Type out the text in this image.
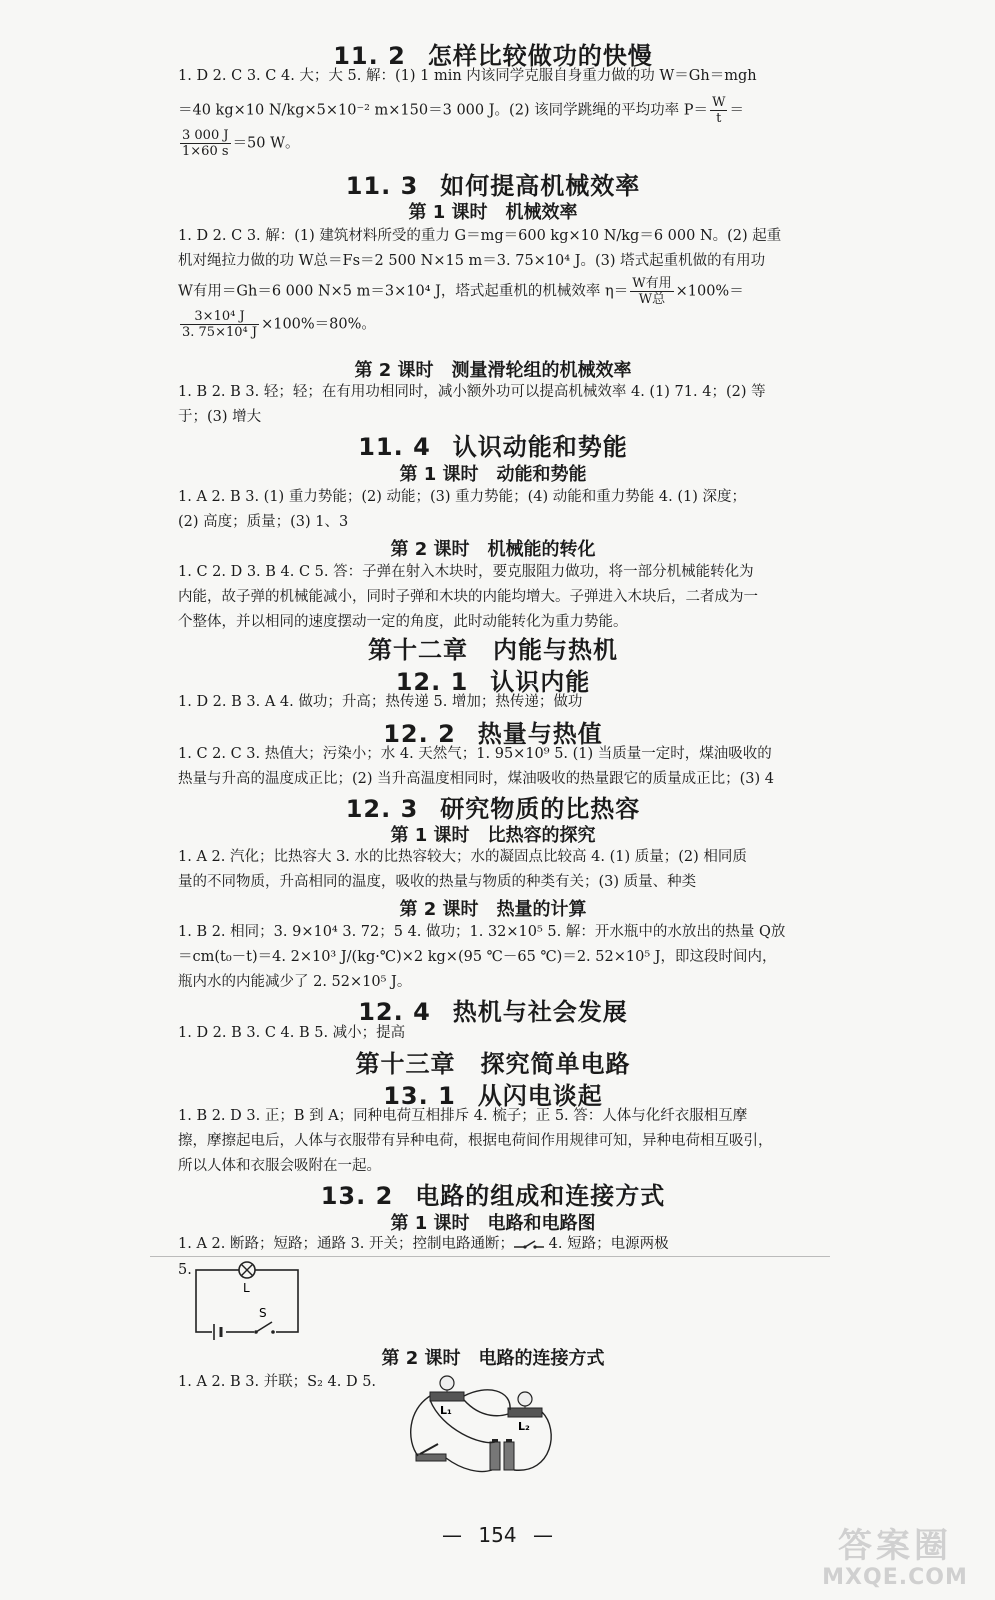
11. 2 怎样比较做功的快慢

1. D 2. C 3. C 4. 大；大 5. 解：(1) 1 min 内该同学克服自身重力做的功 W＝Gh＝mgh

＝40 kg×10 N/kg×5×10⁻² m×150＝3 000 J。(2) 该同学跳绳的平均功率 $P= \frac{W}{t}$ ＝

$\frac{3 000 J}{1\times 60 s} =50$ W。

11. 3 如何提高机械效率
第 1 课时　机械效率

1. D 2. C 3. 解：(1) 建筑材料所受的重力 G＝mg＝600 kg×10 N/kg＝6 000 N。(2) 起重

机对绳拉力做的功 W总＝Fs＝2 500 N×15 m＝3. 75×10⁴ J。(3) 塔式起重机做的有用功

W有用＝Gh＝6 000 N×5 m＝3×10⁴ J，塔式起重机的机械效率 $\eta= \frac{\text{W有用}}{\text{W总}} \times 100\%=$

$\frac{\text{3×10⁴ J}}{\text{3. 75×10⁴ J}} \times 100\%=80\%$。

第 2 课时　测量滑轮组的机械效率

1. B 2. B 3. 轻；轻；在有用功相同时，减小额外功可以提高机械效率 4. (1) 71. 4；(2) 等

于；(3) 增大

11. 4 认识动能和势能
第 1 课时　动能和势能

1. A 2. B 3. (1) 重力势能；(2) 动能；(3) 重力势能；(4) 动能和重力势能 4. (1) 深度；

(2) 高度；质量；(3) 1、3

第 2 课时　机械能的转化

1. C 2. D 3. B 4. C 5. 答：子弹在射入木块时，要克服阻力做功，将一部分机械能转化为

内能，故子弹的机械能减小，同时子弹和木块的内能均增大。子弹进入木块后，二者成为一

个整体，并以相同的速度摆动一定的角度，此时动能转化为重力势能。

第十二章　内能与热机
12. 1 认识内能

1. D 2. B 3. A 4. 做功；升高；热传递 5. 增加；热传递；做功

12. 2 热量与热值

1. C 2. C 3. 热值大；污染小；水 4. 天然气；1. 95×10⁹ 5. (1) 当质量一定时，煤油吸收的

热量与升高的温度成正比；(2) 当升高温度相同时，煤油吸收的热量跟它的质量成正比；(3) 4

12. 3 研究物质的比热容
第 1 课时　比热容的探究

1. A 2. 汽化；比热容大 3. 水的比热容较大；水的凝固点比较高 4. (1) 质量；(2) 相同质

量的不同物质，升高相同的温度，吸收的热量与物质的种类有关；(3) 质量、种类

第 2 课时　热量的计算

1. B 2. 相同；3. 9×10⁴ 3. 72；5 4. 做功；1. 32×10⁵ 5. 解：开水瓶中的水放出的热量 Q放

＝cm(t₀－t)＝4. 2×10³ J/(kg·℃)×2 kg×(95 ℃－65 ℃)＝2. 52×10⁵ J，即这段时间内，

瓶内水的内能减少了 2. 52×10⁵ J。

12. 4 热机与社会发展

1. D 2. B 3. C 4. B 5. 减小；提高

第十三章　探究简单电路
13. 1 从闪电谈起

1. B 2. D 3. 正；B 到 A；同种电荷互相排斥 4. 梳子；正 5. 答：人体与化纤衣服相互摩

擦，摩擦起电后，人体与衣服带有异种电荷，根据电荷间作用规律可知，异种电荷相互吸引，

所以人体和衣服会吸附在一起。

13. 2 电路的组成和连接方式
第 1 课时　电路和电路图

1. A 2. 断路；短路；通路 3. 开关；控制电路通断； 4. 短路；电源两极

5.

L
S
第 2 课时　电路的连接方式

1. A 2. B 3. 并联；S₂ 4. D 5.

L₁
L₂
— 154 —	答案圈
MXQE.COM
